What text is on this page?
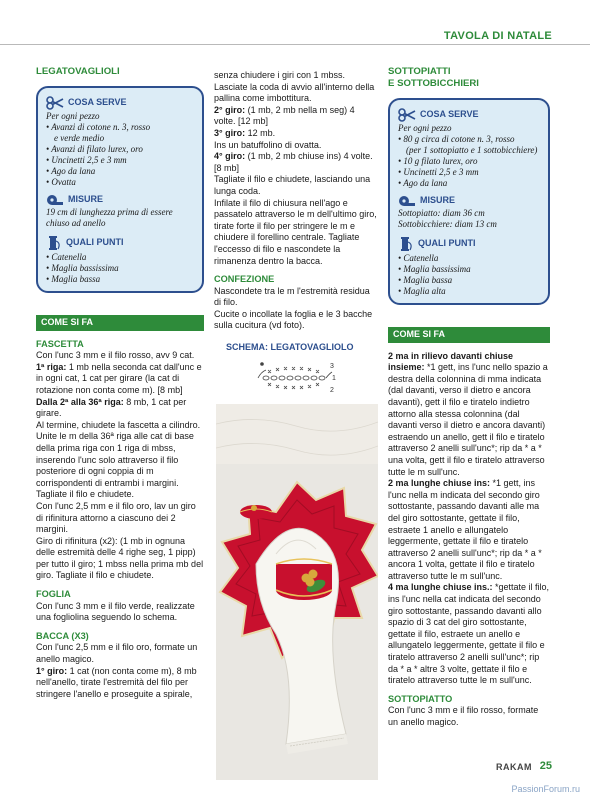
TAVOLA DI NATALE
LEGATOVAGLIOLI
COSA SERVE
Per ogni pezzo
• Avanzi di cotone n. 3, rosso
e verde medio
• Avanzi di filato lurex, oro
• Uncinetti 2,5 e 3 mm
• Ago da lana
• Ovatta
MISURE
19 cm di lunghezza prima di essere
chiuso ad anello
QUALI PUNTI
• Catenella
• Maglia bassissima
• Maglia bassa
COME SI FA
FASCETTA
Con l'unc 3 mm e il filo rosso, avv 9 cat.
1ª riga: 1 mb nella seconda cat dall'unc e in ogni cat, 1 cat per girare (la cat di rotazione non conta come m). [8 mb]
Dalla 2ª alla 36ª riga: 8 mb, 1 cat per girare.
Al termine, chiudete la fascetta a cilindro. Unite le m della 36ª riga alle cat di base della prima riga con 1 riga di mbss, inserendo l'unc solo attraverso il filo posteriore di ogni coppia di m corrispondenti di entrambi i margini. Tagliate il filo e chiudete.
Con l'unc 2,5 mm e il filo oro, lav un giro di rifinitura attorno a ciascuno dei 2 margini.
Giro di rifinitura (x2): (1 mb in ognuna delle estremità delle 4 righe seg, 1 pipp) per tutto il giro; 1 mbss nella prima mb del giro. Tagliate il filo e chiudete.
FOGLIA
Con l'unc 3 mm e il filo verde, realizzate una fogliolina seguendo lo schema.
BACCA (X3)
Con l'unc 2,5 mm e il filo oro, formate un anello magico.
1° giro: 1 cat (non conta come m), 8 mb nell'anello, tirate l'estremità del filo per stringere l'anello e proseguite a spirale,
senza chiudere i giri con 1 mbss. Lasciate la coda di avvio all'interno della pallina come imbottitura.
2° giro: (1 mb, 2 mb nella m seg) 4 volte. [12 mb]
3° giro: 12 mb.
Ins un batuffolino di ovatta.
4° giro: (1 mb, 2 mb chiuse ins) 4 volte. [8 mb]
Tagliate il filo e chiudete, lasciando una lunga coda.
Infilate il filo di chiusura nell'ago e passatelo attraverso le m dell'ultimo giro, tirate forte il filo per stringere le m e chiudere il forellino centrale. Tagliate l'eccesso di filo e nascondete la rimanenza dentro la bacca.
CONFEZIONE
Nascondete tra le m l'estremità residua di filo.
Cucite o incollate la foglia e le 3 bacche sulla cucitura (vd foto).
SCHEMA: LEGATOVAGLIOLO
3
1
2
SOTTOPIATTI
E SOTTOBICCHIERI
COSA SERVE
Per ogni pezzo
• 80 g circa di cotone n. 3, rosso
(per 1 sottopiatto e 1 sottobicchiere)
• 10 g filato lurex, oro
• Uncinetti 2,5 e 3 mm
• Ago da lana
MISURE
Sottopiatto: diam 36 cm
Sottobicchiere: diam 13 cm
QUALI PUNTI
• Catenella
• Maglia bassissima
• Maglia bassa
• Maglia alta
COME SI FA
2 ma in rilievo davanti chiuse insieme: *1 gett, ins l'unc nello spazio a destra della colonnina di mma indicata (dal davanti, verso il dietro e ancora davanti), gett il filo e tiratelo indietro attorno alla stessa colonnina (dal davanti verso il dietro e ancora davanti) estraendo un anello, gett il filo e tiratelo attraverso 2 anelli sull'unc*; rip da * a * una volta, gett il filo e tiratelo attraverso tutte le m sull'unc.
2 ma lunghe chiuse ins: *1 gett, ins l'unc nella m indicata del secondo giro sottostante, passando davanti alle ma del giro sottostante, gettate il filo, estraete 1 anello e allungatelo leggermente, gettate il filo e tiratelo attraverso 2 anelli sull'unc*; rip da * a * ancora 1 volta, gettate il filo e tiratelo attraverso tutte le m sull'unc.
4 ma lunghe chiuse ins.: *gettate il filo, ins l'unc nella cat indicata del secondo giro sottostante, passando davanti allo spazio di 3 cat del giro sottostante, gettate il filo, estraete un anello e allungatelo leggermente, gettate il filo e tiratelo attraverso 2 anelli sull'unc*; rip da * a * altre 3 volte, gettate il filo e tiratelo attraverso tutte le m sull'unc.
SOTTOPIATTO
Con l'unc 3 mm e il filo rosso, formate un anello magico.
RAKAM 25
PassionForum.ru
